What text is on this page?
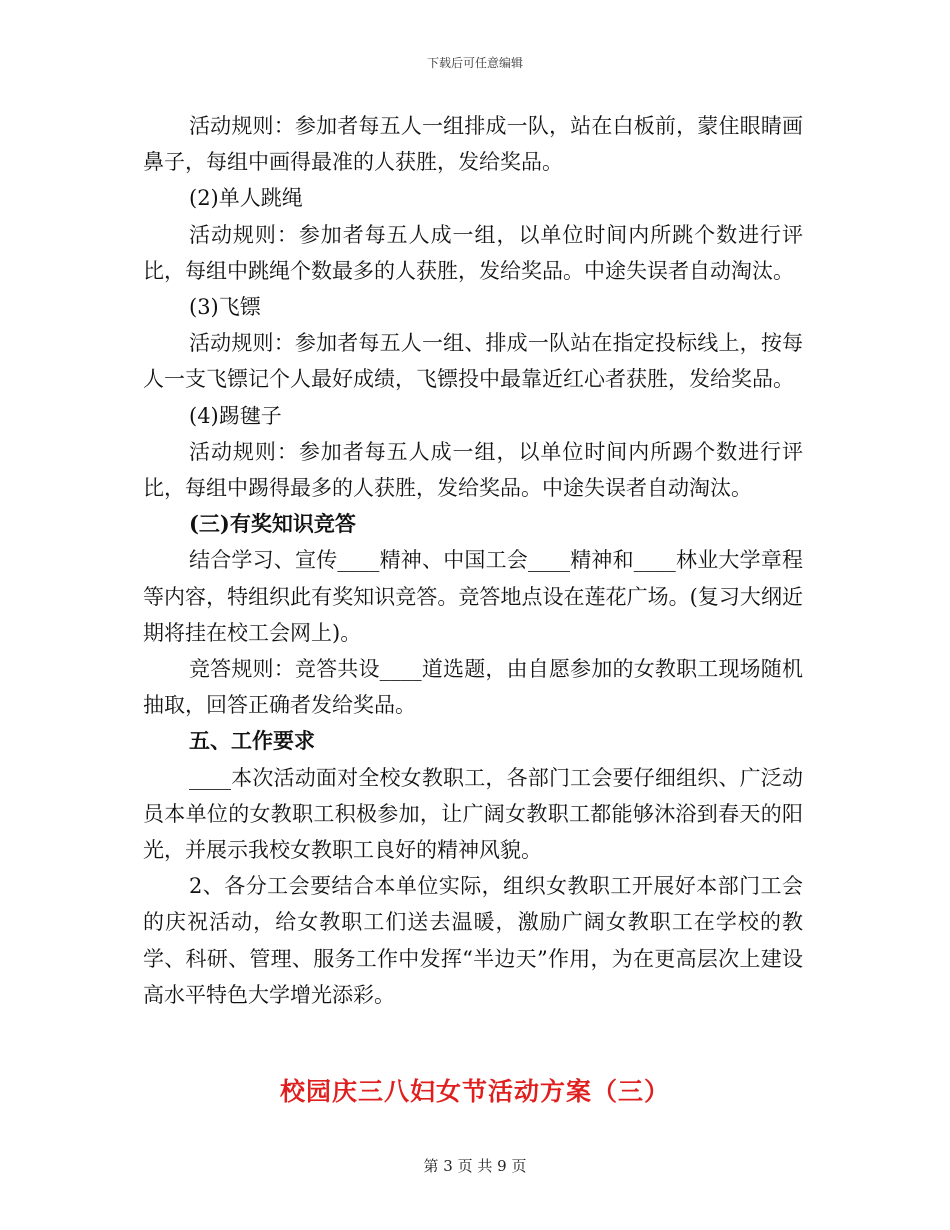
下载后可任意编辑

活动规则：参加者每五人一组排成一队，站在白板前，蒙住眼睛画鼻子，每组中画得最准的人获胜，发给奖品。

(2)单人跳绳

活动规则：参加者每五人成一组，以单位时间内所跳个数进行评比，每组中跳绳个数最多的人获胜，发给奖品。中途失误者自动淘汰。

(3)飞镖

活动规则：参加者每五人一组、排成一队站在指定投标线上，按每人一支飞镖记个人最好成绩，飞镖投中最靠近红心者获胜，发给奖品。

(4)踢毽子

活动规则：参加者每五人成一组，以单位时间内所踢个数进行评比，每组中踢得最多的人获胜，发给奖品。中途失误者自动淘汰。

(三)有奖知识竞答

结合学习、宣传____精神、中国工会____精神和____林业大学章程等内容，特组织此有奖知识竞答。竞答地点设在莲花广场。(复习大纲近期将挂在校工会网上)。

竞答规则：竞答共设____道选题，由自愿参加的女教职工现场随机抽取，回答正确者发给奖品。

五、工作要求

____本次活动面对全校女教职工，各部门工会要仔细组织、广泛动员本单位的女教职工积极参加，让广阔女教职工都能够沐浴到春天的阳光，并展示我校女教职工良好的精神风貌。

2、各分工会要结合本单位实际，组织女教职工开展好本部门工会的庆祝活动，给女教职工们送去温暖，激励广阔女教职工在学校的教学、科研、管理、服务工作中发挥“半边天”作用，为在更高层次上建设高水平特色大学增光添彩。

校园庆三八妇女节活动方案（三）
第 3 页 共 9 页
